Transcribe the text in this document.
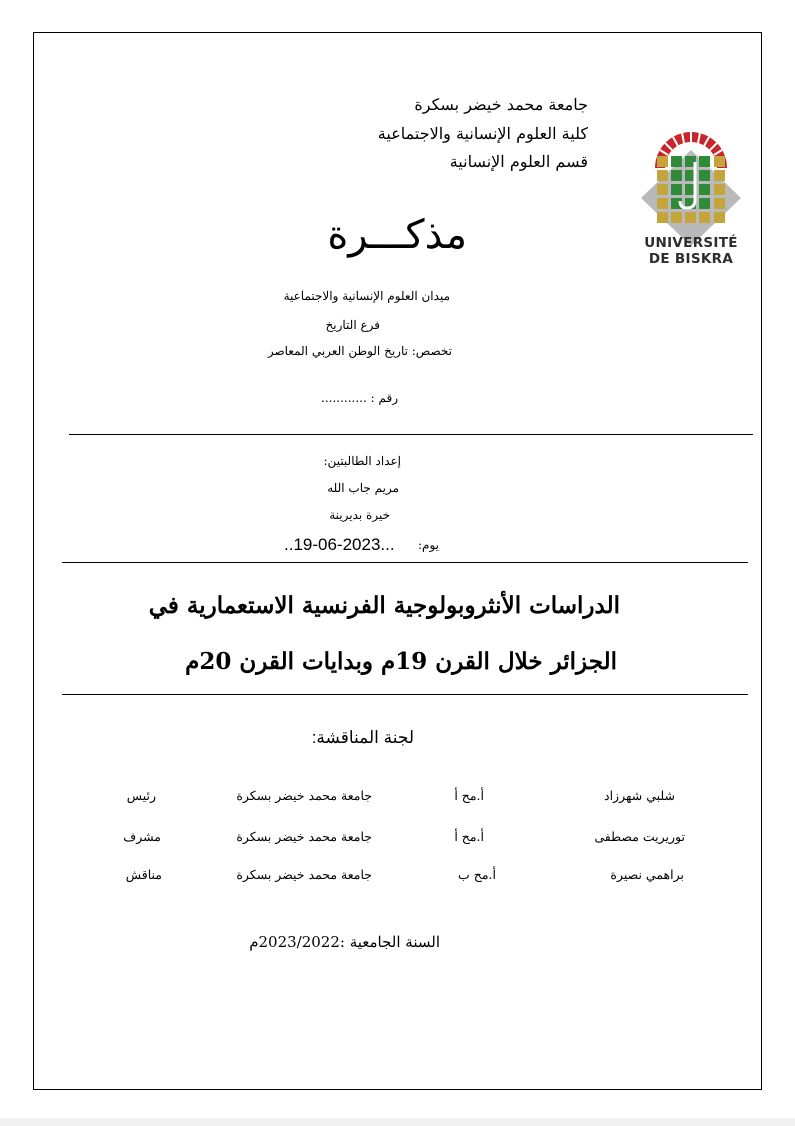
جامعة محمد خيضر بسكرة
كلية العلوم الإنسانية والاجتماعية
قسم العلوم الإنسانية
UNIVERSITÉ
DE BISKRA
مذكـــرة
ميدان العلوم الإنسانية والاجتماعية
فرع التاريخ
تخصص: تاريخ الوطن العربي المعاصر
رقم : ............
إعداد الطالبتين:
مريم جاب الله
خيرة بديرينة
يوم:
..19-06-2023...
الدراسات الأنثروبولوجية الفرنسية الاستعمارية في
الجزائر خلال القرن 19م وبدايات القرن 20م
لجنة المناقشة:
شلبي شهرزاد
أ.مح أ
جامعة محمد خيضر بسكرة
رئيس
توريريت مصطفى
أ.مح أ
جامعة محمد خيضر بسكرة
مشرف
براهمي نصيرة
أ.مح ب
جامعة محمد خيضر بسكرة
مناقش
السنة الجامعية :2023/2022م
